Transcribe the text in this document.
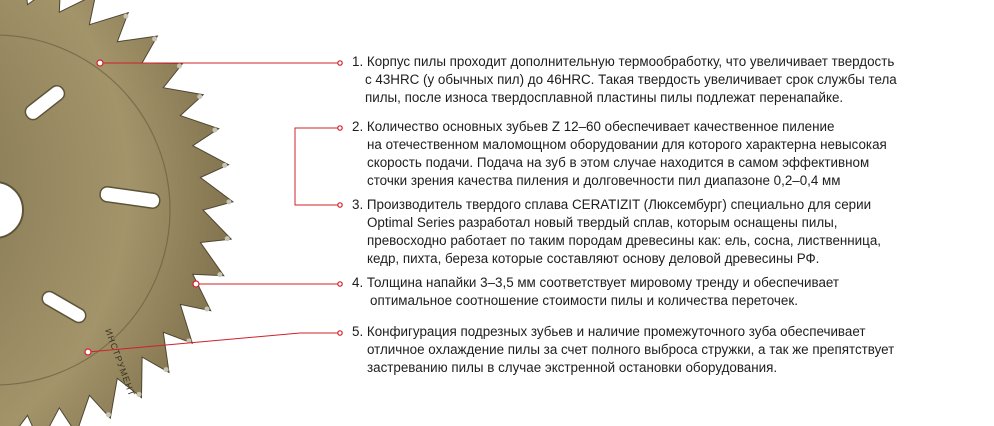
ИНСТРУМЕНТ
1. Корпус пилы проходит дополнительную термообработку, что увеличивает твердость
с 43HRC (у обычных пил) до 46HRC. Такая твердость увеличивает срок службы тела
пилы, после износа твердосплавной пластины пилы подлежат перенапайке.
2. Количество основных зубьев Z 12–60 обеспечивает качественное пиление
на отечественном маломощном оборудовании для которого характерна невысокая
скорость подачи. Подача на зуб в этом случае находится в самом эффективном
сточки зрения качества пиления и долговечности пил диапазоне 0,2–0,4 мм
3. Производитель твердого сплава CERATIZIT (Люксембург) специально для серии
Optimal Series разработал новый твердый сплав, которым оснащены пилы,
превосходно работает по таким породам древесины как: ель, сосна, лиственница,
кедр, пихта, береза которые составляют основу деловой древесины РФ.
4. Толщина напайки 3–3,5 мм соответствует мировому тренду и обеспечивает
оптимальное соотношение стоимости пилы и количества переточек.
5. Конфигурация подрезных зубьев и наличие промежуточного зуба обеспечивает
отличное охлаждение пилы за счет полного выброса стружки, а так же препятствует
застреванию пилы в случае экстренной остановки оборудования.
